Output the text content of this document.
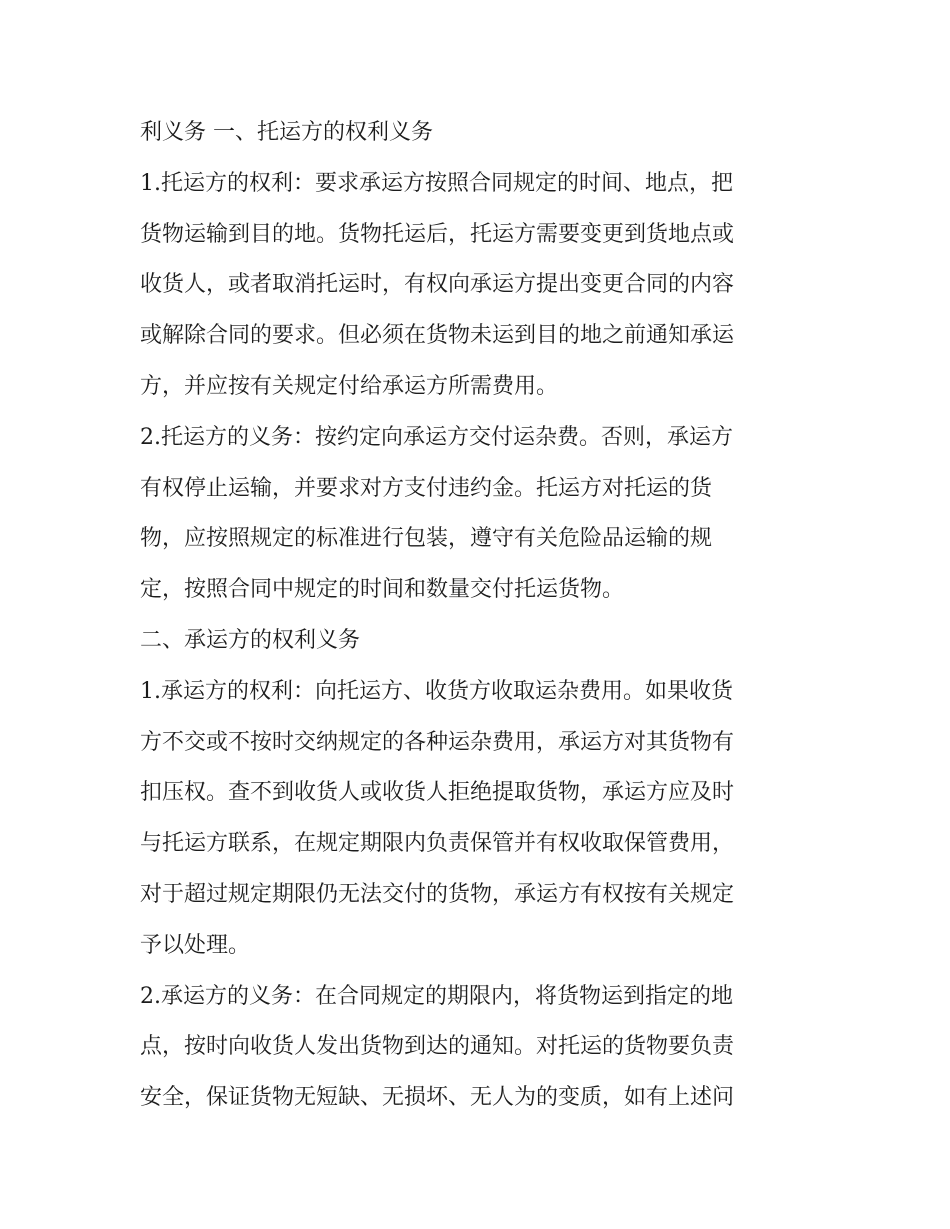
利义务 一、托运方的权利义务
1.托运方的权利：要求承运方按照合同规定的时间、地点，把
货物运输到目的地。货物托运后，托运方需要变更到货地点或
收货人，或者取消托运时，有权向承运方提出变更合同的内容
或解除合同的要求。但必须在货物未运到目的地之前通知承运
方，并应按有关规定付给承运方所需费用。
2.托运方的义务：按约定向承运方交付运杂费。否则，承运方
有权停止运输，并要求对方支付违约金。托运方对托运的货
物，应按照规定的标准进行包装，遵守有关危险品运输的规
定，按照合同中规定的时间和数量交付托运货物。
二、承运方的权利义务
1.承运方的权利：向托运方、收货方收取运杂费用。如果收货
方不交或不按时交纳规定的各种运杂费用，承运方对其货物有
扣压权。查不到收货人或收货人拒绝提取货物，承运方应及时
与托运方联系，在规定期限内负责保管并有权收取保管费用，
对于超过规定期限仍无法交付的货物，承运方有权按有关规定
予以处理。
2.承运方的义务：在合同规定的期限内，将货物运到指定的地
点，按时向收货人发出货物到达的通知。对托运的货物要负责
安全，保证货物无短缺、无损坏、无人为的变质，如有上述问
